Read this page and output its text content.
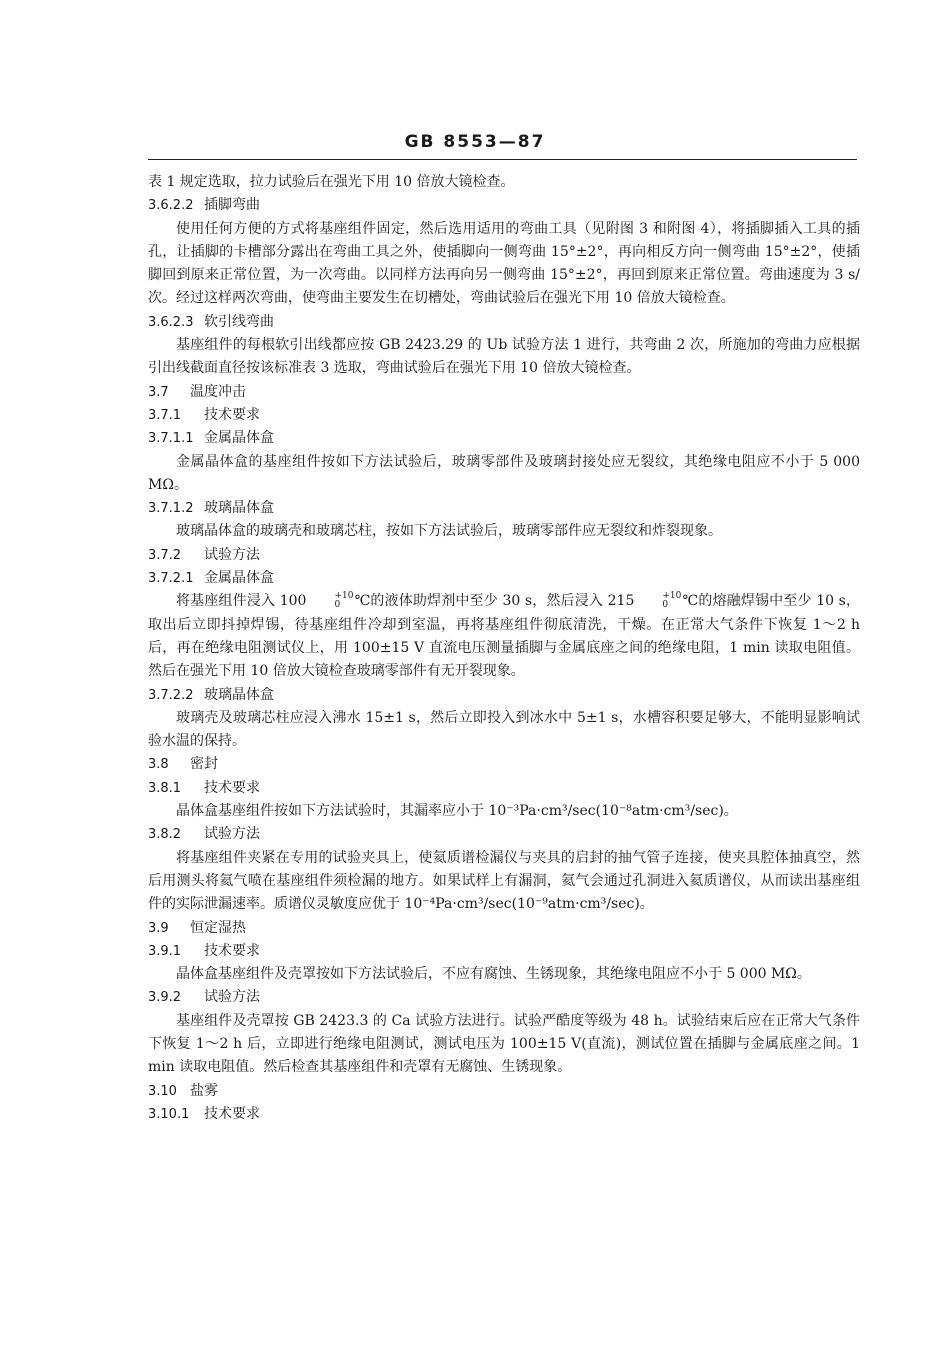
GB 8553—87

表 1 规定选取，拉力试验后在强光下用 10 倍放大镜检查。

3.6.2.2 插脚弯曲

使用任何方便的方式将基座组件固定，然后选用适用的弯曲工具（见附图 3 和附图 4），将插脚插入工具的插孔，让插脚的卡槽部分露出在弯曲工具之外，使插脚向一侧弯曲 15°±2°，再向相反方向一侧弯曲 15°±2°，使插脚回到原来正常位置，为一次弯曲。以同样方法再向另一侧弯曲 15°±2°，再回到原来正常位置。弯曲速度为 3 s/次。经过这样两次弯曲，使弯曲主要发生在切槽处，弯曲试验后在强光下用 10 倍放大镜检查。

3.6.2.3 软引线弯曲

基座组件的每根软引出线都应按 GB 2423.29 的 Ub 试验方法 1 进行，共弯曲 2 次，所施加的弯曲力应根据引出线截面直径按该标准表 3 选取，弯曲试验后在强光下用 10 倍放大镜检查。

3.7 温度冲击
3.7.1 技术要求
3.7.1.1 金属晶体盒

金属晶体盒的基座组件按如下方法试验后，玻璃零部件及玻璃封接处应无裂纹，其绝缘电阻应不小于 5 000 MΩ。

3.7.1.2 玻璃晶体盒

玻璃晶体盒的玻璃壳和玻璃芯柱，按如下方法试验后，玻璃零部件应无裂纹和炸裂现象。

3.7.2 试验方法
3.7.2.1 金属晶体盒

将基座组件浸入 100	+10
0	℃的液体助焊剂中至少 30 s，然后浸入 215	+10
0	℃的熔融焊锡中至少 10 s，取出后立即抖掉焊锡，待基座组件冷却到室温，再将基座组件彻底清洗，干燥。在正常大气条件下恢复 1～2 h 后，再在绝缘电阻测试仪上，用 100±15 V 直流电压测量插脚与金属底座之间的绝缘电阻，1 min 读取电阻值。然后在强光下用 10 倍放大镜检查玻璃零部件有无开裂现象。

3.7.2.2 玻璃晶体盒

玻璃壳及玻璃芯柱应浸入沸水 15±1 s，然后立即投入到冰水中 5±1 s，水槽容积要足够大，不能明显影响试验水温的保持。

3.8 密封
3.8.1 技术要求

晶体盒基座组件按如下方法试验时，其漏率应小于 10⁻³Pa·cm³/sec(10⁻⁸atm·cm³/sec)。

3.8.2 试验方法

将基座组件夹紧在专用的试验夹具上，使氦质谱检漏仪与夹具的启封的抽气管子连接，使夹具腔体抽真空，然后用测头将氦气喷在基座组件须检漏的地方。如果试样上有漏洞，氦气会通过孔洞进入氦质谱仪，从而读出基座组件的实际泄漏速率。质谱仪灵敏度应优于 10⁻⁴Pa·cm³/sec(10⁻⁹atm·cm³/sec)。

3.9 恒定湿热
3.9.1 技术要求

晶体盒基座组件及壳罩按如下方法试验后，不应有腐蚀、生锈现象，其绝缘电阻应不小于 5 000 MΩ。

3.9.2 试验方法

基座组件及壳罩按 GB 2423.3 的 Ca 试验方法进行。试验严酷度等级为 48 h。试验结束后应在正常大气条件下恢复 1～2 h 后，立即进行绝缘电阻测试，测试电压为 100±15 V(直流)，测试位置在插脚与金属底座之间。1 min 读取电阻值。然后检查其基座组件和壳罩有无腐蚀、生锈现象。

3.10 盐雾
3.10.1 技术要求
